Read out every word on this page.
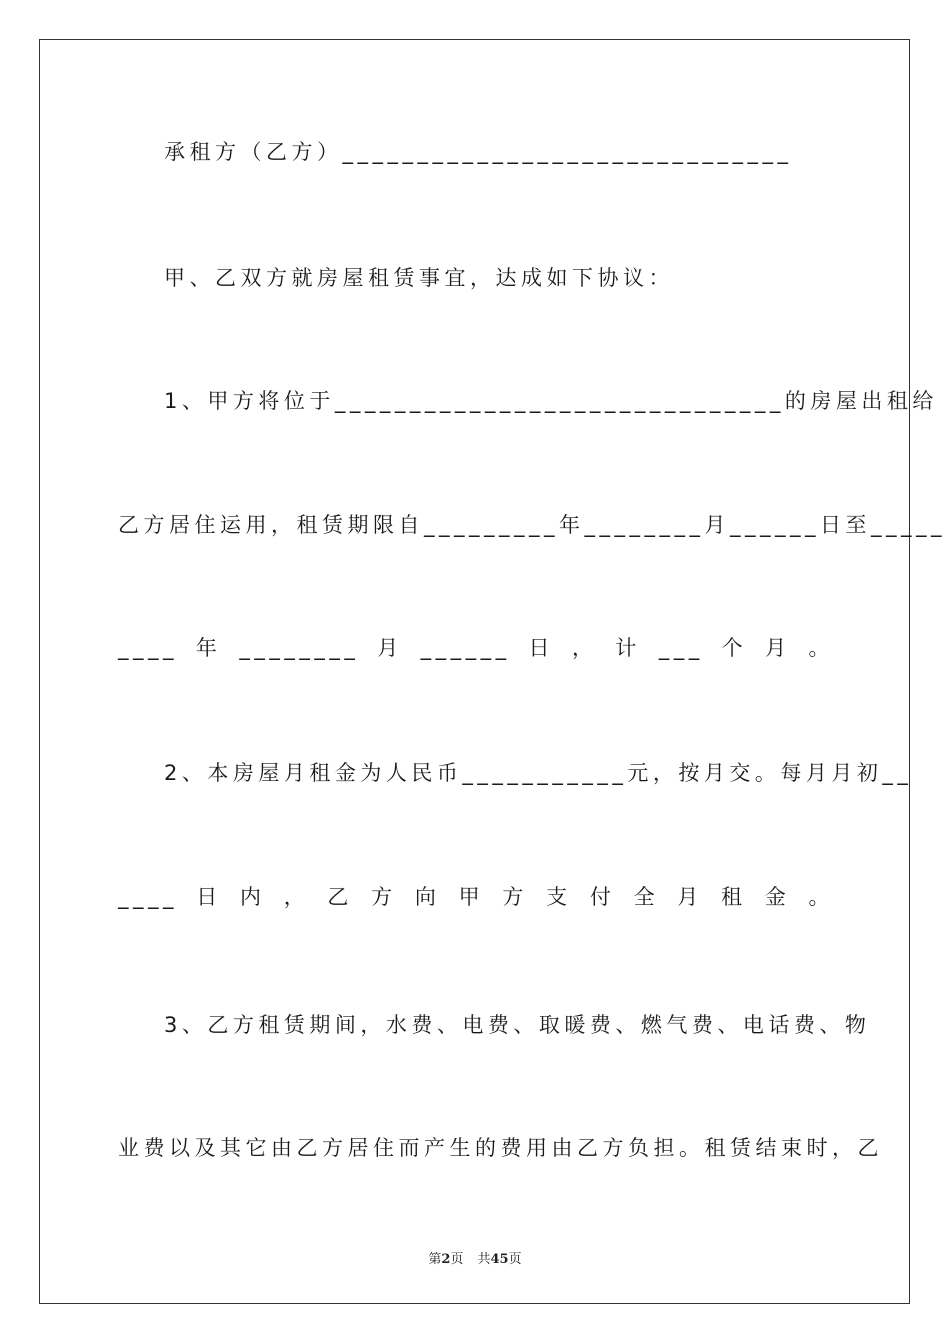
承租方（乙方）______________________________
甲、乙双方就房屋租赁事宜，达成如下协议：
1、甲方将位于______________________________的房屋出租给
乙方居住运用，租赁期限自_________年________月______日至_____
____年________月______日，计___个月。
2、本房屋月租金为人民币___________元，按月交。每月月初__
____日内，乙方向甲方支付全月租金。
3、乙方租赁期间，水费、电费、取暖费、燃气费、电话费、物
业费以及其它由乙方居住而产生的费用由乙方负担。租赁结束时，乙
第2页 共45页
